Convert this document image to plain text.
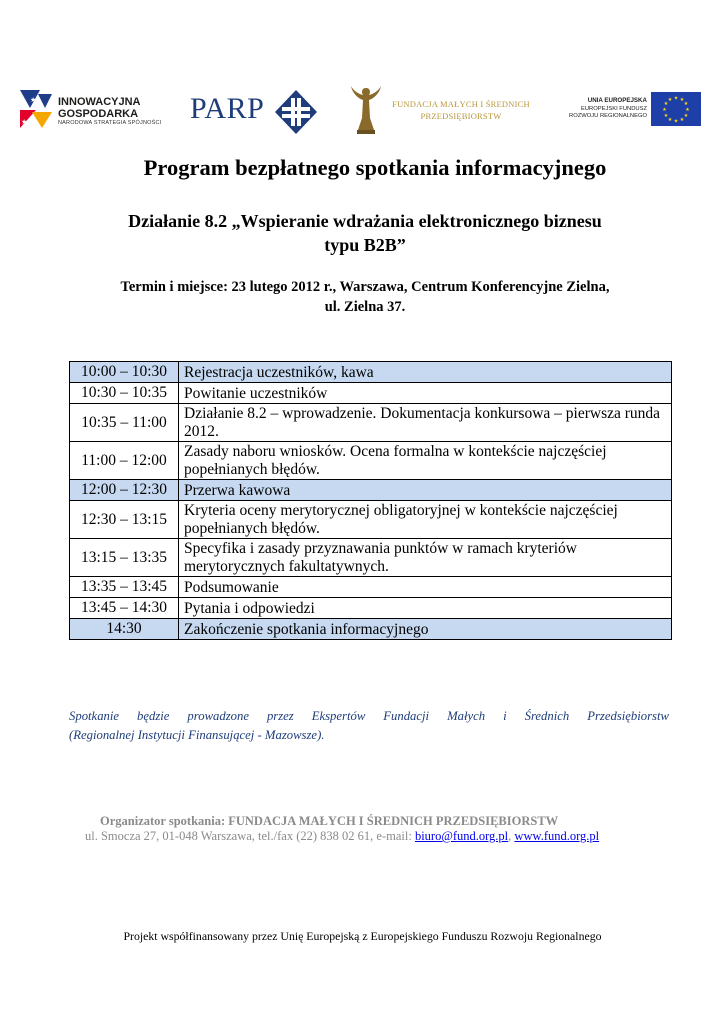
★
★
INNOWACYJNA
GOSPODARKA
NARODOWA STRATEGIA SPÓJNOŚCI PARP	FUNDACJA MAŁYCH I ŚREDNICH
PRZEDSIĘBIORSTW
UNIA EUROPEJSKA
EUROPEJSKI FUNDUSZ
ROZWOJU REGIONALNEGO
★ ★
★
★
★
★
★
★
★
★
★
★
Program bezpłatnego spotkania informacyjnego
Działanie 8.2 „Wspieranie wdrażania elektronicznego biznesu
typu B2B”
Termin i miejsce: 23 lutego 2012 r., Warszawa, Centrum Konferencyjne Zielna,
ul. Zielna 37.
10:00 – 10:30	Rejestracja uczestników, kawa
10:30 – 10:35	Powitanie uczestników
10:35 – 11:00	Działanie 8.2 – wprowadzenie. Dokumentacja konkursowa – pierwsza runda 2012.
11:00 – 12:00	Zasady naboru wniosków. Ocena formalna w kontekście najczęściej popełnianych błędów.
12:00 – 12:30	Przerwa kawowa
12:30 – 13:15	Kryteria oceny merytorycznej obligatoryjnej w kontekście najczęściej popełnianych błędów.
13:15 – 13:35	Specyfika i zasady przyznawania punktów w ramach kryteriów merytorycznych fakultatywnych.
13:35 – 13:45	Podsumowanie
13:45 – 14:30	Pytania i odpowiedzi
14:30	Zakończenie spotkania informacyjnego
Spotkanie będzie prowadzone przez Ekspertów Fundacji Małych i Średnich Przedsiębiorstw
(Regionalnej Instytucji Finansującej - Mazowsze).
Organizator spotkania: FUNDACJA MAŁYCH I ŚREDNICH PRZEDSIĘBIORSTW
ul. Smocza 27, 01-048 Warszawa, tel./fax (22) 838 02 61, e-mail: biuro@fund.org.pl, www.fund.org.pl
Projekt współfinansowany przez Unię Europejską z Europejskiego Funduszu Rozwoju Regionalnego
